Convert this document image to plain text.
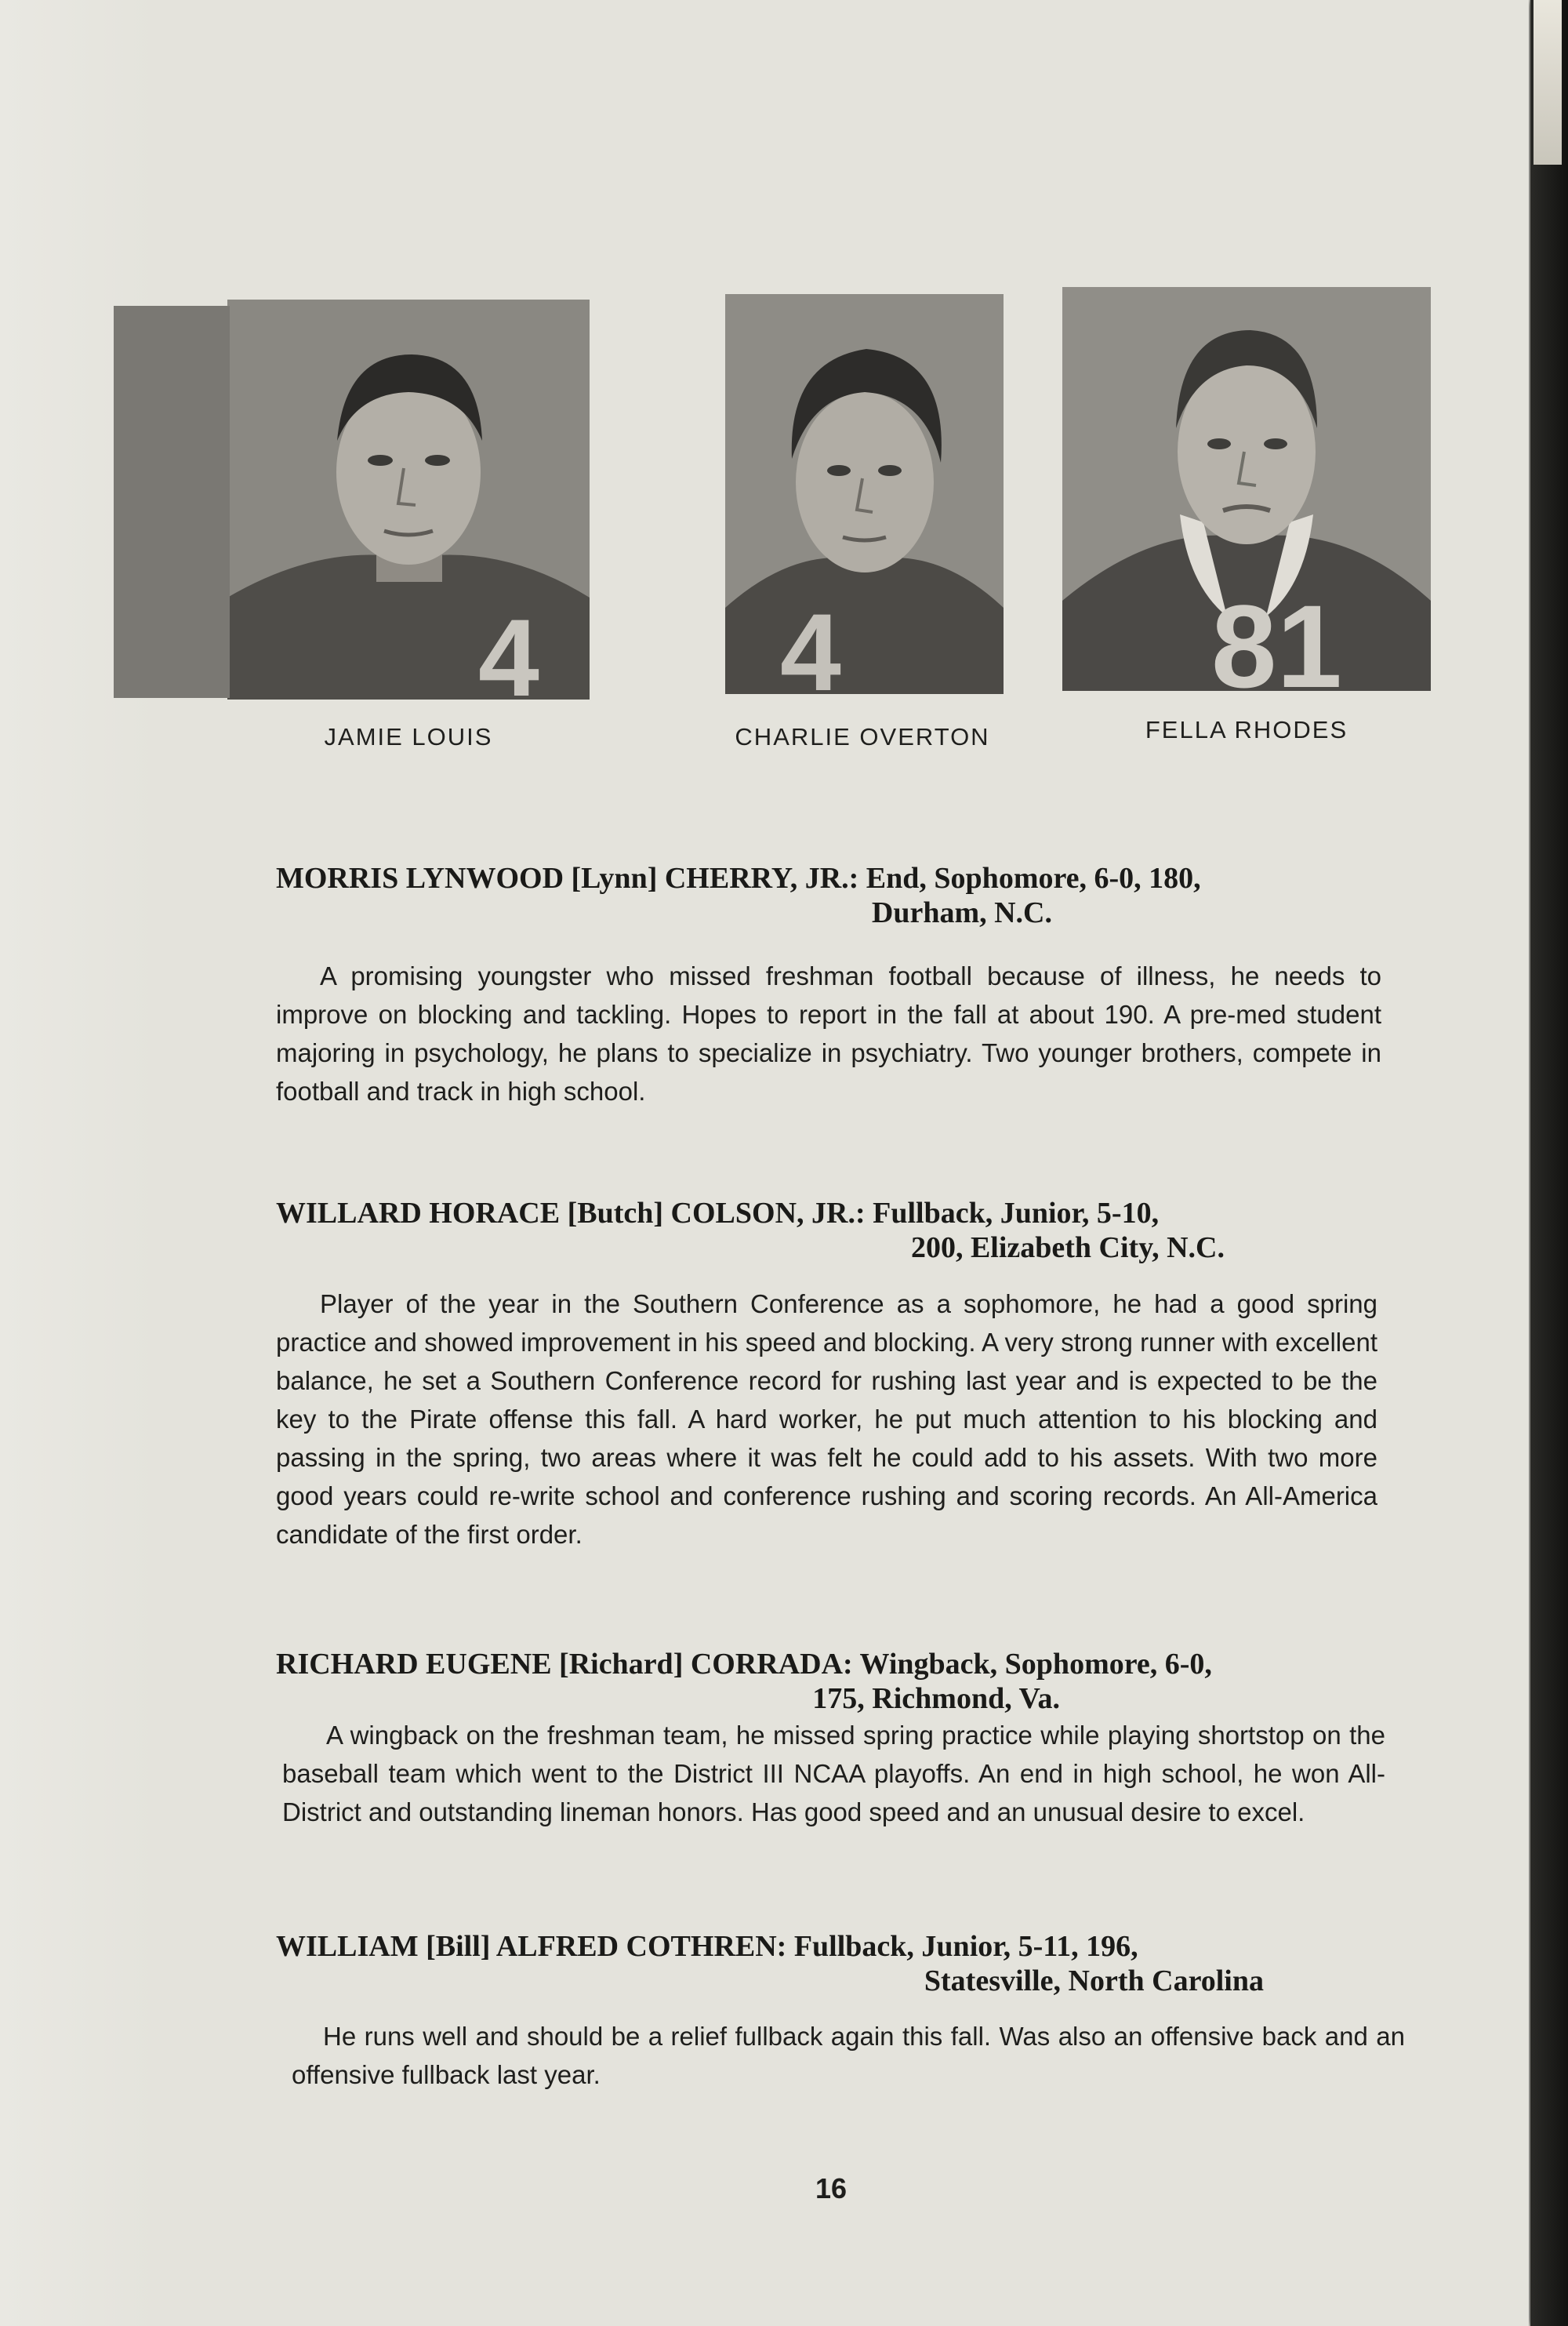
4 4	81
JAMIE LOUIS	CHARLIE OVERTON	FELLA RHODES
MORRIS LYNWOOD [Lynn] CHERRY, JR.: End, Sophomore, 6-0, 180,
Durham, N.C.
A promising youngster who missed freshman football because of illness, he needs to improve on blocking and tackling. Hopes to report in the fall at about 190. A pre-med student majoring in psychology, he plans to specialize in psychiatry. Two younger brothers, compete in football and track in high school.
WILLARD HORACE [Butch] COLSON, JR.: Fullback, Junior, 5-10,
200, Elizabeth City, N.C.
Player of the year in the Southern Conference as a sophomore, he had a good spring practice and showed improvement in his speed and blocking. A very strong runner with excellent balance, he set a Southern Conference record for rushing last year and is expected to be the key to the Pirate offense this fall. A hard worker, he put much attention to his blocking and passing in the spring, two areas where it was felt he could add to his assets. With two more good years could re-write school and conference rushing and scoring records. An All-America candidate of the first order.
RICHARD EUGENE [Richard] CORRADA: Wingback, Sophomore, 6-0,
175, Richmond, Va.
A wingback on the freshman team, he missed spring practice while playing shortstop on the baseball team which went to the District III NCAA playoffs. An end in high school, he won All-District and outstanding lineman honors. Has good speed and an unusual desire to excel.
WILLIAM [Bill] ALFRED COTHREN: Fullback, Junior, 5-11, 196,
Statesville, North Carolina
He runs well and should be a relief fullback again this fall. Was also an offensive back and an offensive fullback last year.
16
